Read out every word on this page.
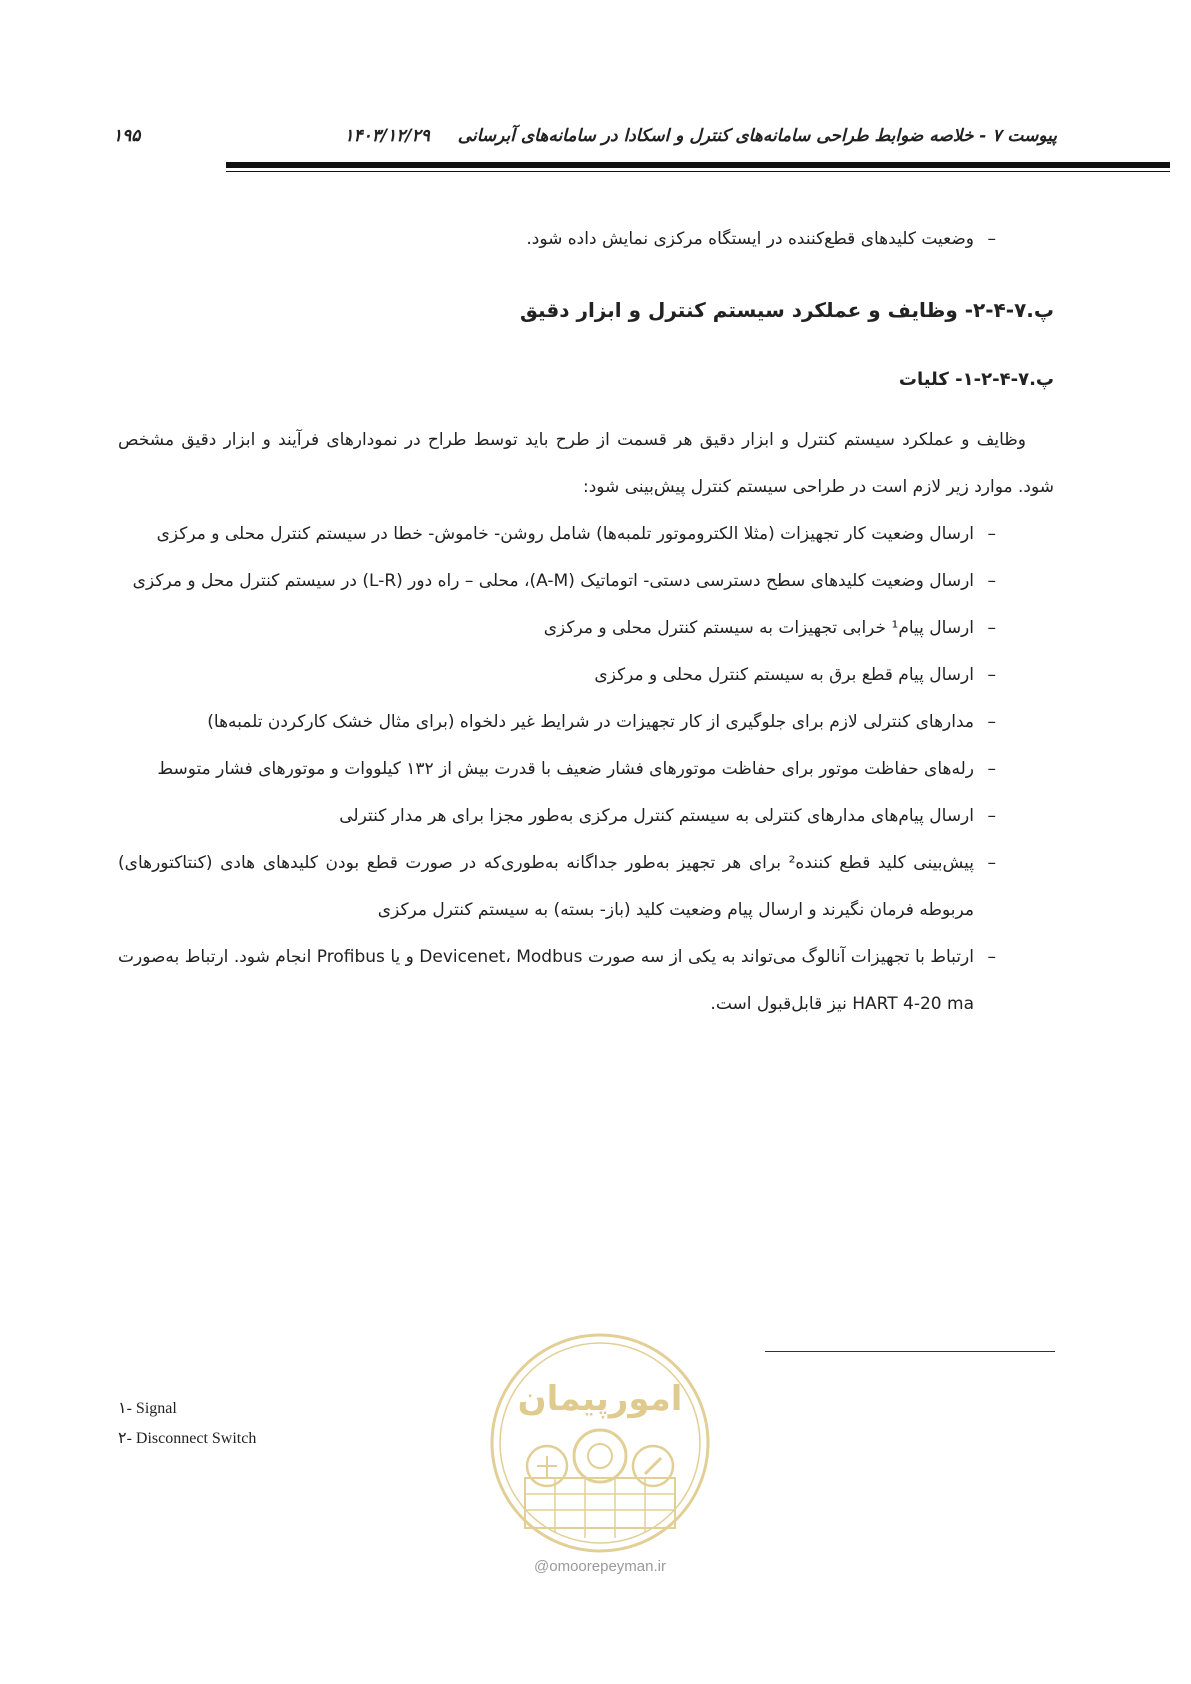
پیوست ۷ - خلاصه ضوابط طراحی سامانه‌های کنترل و اسکادا در سامانه‌های آبرسانی ۱۴۰۳/۱۲/۲۹
۱۹۵
–
وضعیت کلیدهای قطع‌کننده در ایستگاه مرکزی نمایش داده شود.
پ.۷-۴-۲- وظایف و عملکرد سیستم کنترل و ابزار دقیق
پ.۷-۴-۲-۱- کلیات
وظایف و عملکرد سیستم کنترل و ابزار دقیق هر قسمت از طرح باید توسط طراح در نمودارهای فرآیند و ابزار دقیق مشخص شود. موارد زیر لازم است در طراحی سیستم کنترل پیش‌بینی شود:
–
ارسال وضعیت کار تجهیزات (مثلا الکتروموتور تلمبه‌ها) شامل روشن- خاموش- خطا در سیستم کنترل محلی و مرکزی
–
ارسال وضعیت کلیدهای سطح دسترسی دستی- اتوماتیک (A-M)، محلی – راه دور (L-R) در سیستم کنترل محل و مرکزی
–
ارسال پیام¹ خرابی تجهیزات به سیستم کنترل محلی و مرکزی
–
ارسال پیام قطع برق به سیستم کنترل محلی و مرکزی
–
مدارهای کنترلی لازم برای جلوگیری از کار تجهیزات در شرایط غیر دلخواه (برای مثال خشک کارکردن تلمبه‌ها)
–
رله‌های حفاظت موتور برای حفاظت موتورهای فشار ضعیف با قدرت بیش از ۱۳۲ کیلووات و موتورهای فشار متوسط
–
ارسال پیام‌های مدارهای کنترلی به سیستم کنترل مرکزی به‌طور مجزا برای هر مدار کنترلی
–
پیش‌بینی کلید قطع کننده² برای هر تجهیز به‌طور جداگانه به‌طوری‌که در صورت قطع بودن کلیدهای هادی (کنتاکتورهای) مربوطه فرمان نگیرند و ارسال پیام وضعیت کلید (باز- بسته) به سیستم کنترل مرکزی
–
ارتباط با تجهیزات آنالوگ می‌تواند به یکی از سه صورت Devicenet، Modbus و یا Profibus انجام شود. ارتباط به‌صورت HART 4-20 ma نیز قابل‌قبول است.
۱- Signal
۲- Disconnect Switch
امورپیمان
@omoorepeyman.ir
